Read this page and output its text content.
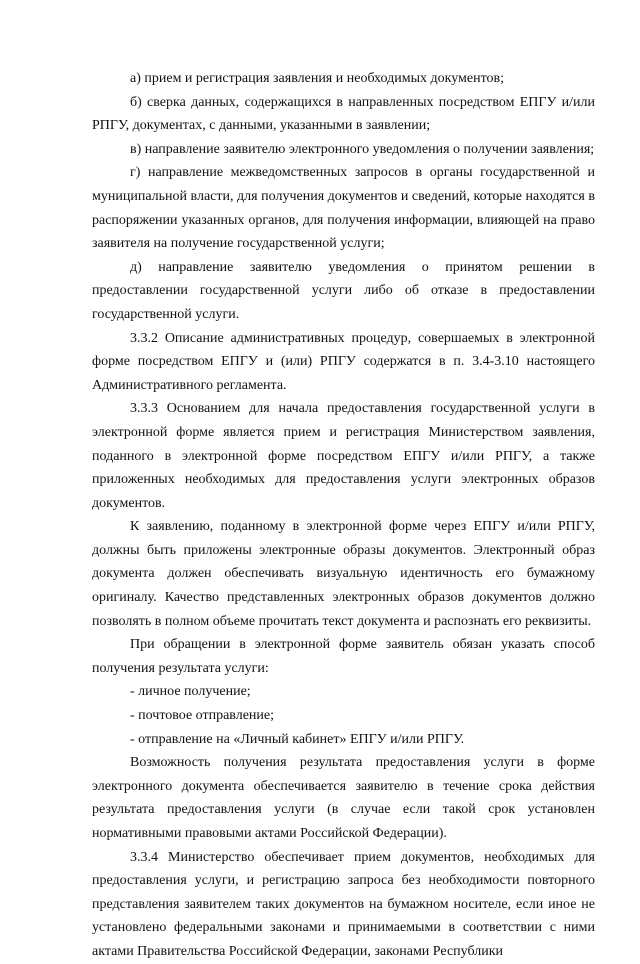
а) прием и регистрация заявления и необходимых документов;

б) сверка данных, содержащихся в направленных посредством ЕПГУ и/или РПГУ, документах, с данными, указанными в заявлении;

в) направление заявителю электронного уведомления о получении заявления;

г) направление межведомственных запросов в органы государственной и муниципальной власти, для получения документов и сведений, которые находятся в распоряжении указанных органов, для получения информации, влияющей на право заявителя на получение государственной услуги;

д) направление заявителю уведомления о принятом решении в предоставлении государственной услуги либо об отказе в предоставлении государственной услуги.

3.3.2 Описание административных процедур, совершаемых в электронной форме посредством ЕПГУ и (или) РПГУ содержатся в п. 3.4-3.10 настоящего Административного регламента.

3.3.3 Основанием для начала предоставления государственной услуги в электронной форме является прием и регистрация Министерством заявления, поданного в электронной форме посредством ЕПГУ и/или РПГУ, а также приложенных необходимых для предоставления услуги электронных образов документов.

К заявлению, поданному в электронной форме через ЕПГУ и/или РПГУ, должны быть приложены электронные образы документов. Электронный образ документа должен обеспечивать визуальную идентичность его бумажному оригиналу. Качество представленных электронных образов документов должно позволять в полном объеме прочитать текст документа и распознать его реквизиты.

При обращении в электронной форме заявитель обязан указать способ получения результата услуги:

- личное получение;

- почтовое отправление;

- отправление на «Личный кабинет» ЕПГУ и/или РПГУ.

Возможность получения результата предоставления услуги в форме электронного документа обеспечивается заявителю в течение срока действия результата предоставления услуги (в случае если такой срок установлен нормативными правовыми актами Российской Федерации).

3.3.4 Министерство обеспечивает прием документов, необходимых для предоставления услуги, и регистрацию запроса без необходимости повторного представления заявителем таких документов на бумажном носителе, если иное не установлено федеральными законами и принимаемыми в соответствии с ними актами Правительства Российской Федерации, законами Республики
